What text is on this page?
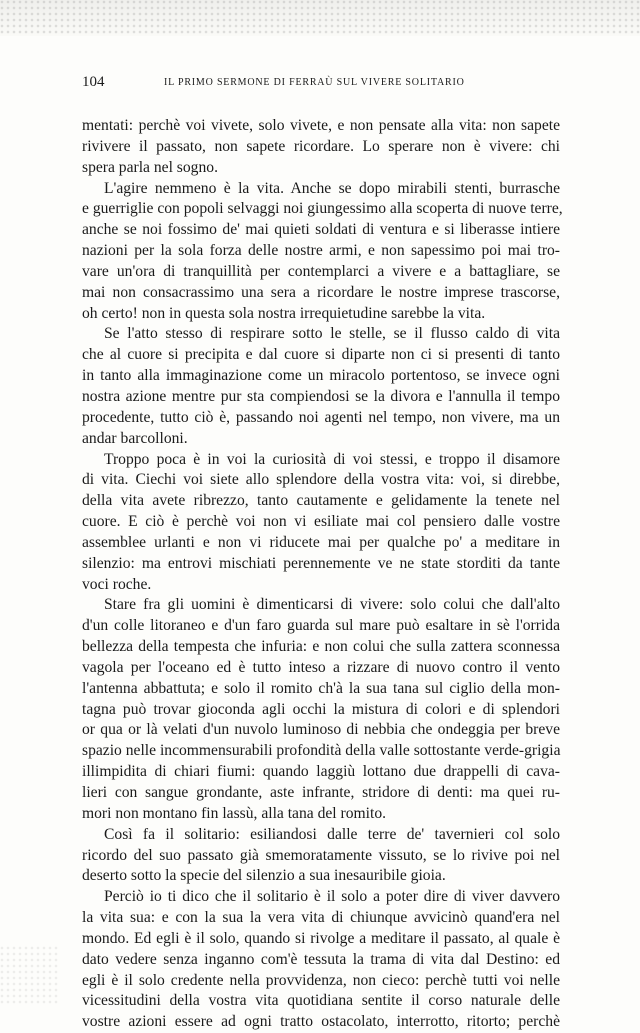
104	IL PRIMO SERMONE DI FERRAÙ SUL VIVERE SOLITARIO
mentati: perchè voi vivete, solo vivete, e non pensate alla vita: non sapete
rivivere il passato, non sapete ricordare. Lo sperare non è vivere: chi
spera parla nel sogno.
L'agire nemmeno è la vita. Anche se dopo mirabili stenti, burrasche
e guerriglie con popoli selvaggi noi giungessimo alla scoperta di nuove terre,
anche se noi fossimo de' mai quieti soldati di ventura e si liberasse intiere
nazioni per la sola forza delle nostre armi, e non sapessimo poi mai tro-
vare un'ora di tranquillità per contemplarci a vivere e a battagliare, se
mai non consacrassimo una sera a ricordare le nostre imprese trascorse,
oh certo! non in questa sola nostra irrequietudine sarebbe la vita.
Se l'atto stesso di respirare sotto le stelle, se il flusso caldo di vita
che al cuore si precipita e dal cuore si diparte non ci si presenti di tanto
in tanto alla immaginazione come un miracolo portentoso, se invece ogni
nostra azione mentre pur sta compiendosi se la divora e l'annulla il tempo
procedente, tutto ciò è, passando noi agenti nel tempo, non vivere, ma un
andar barcolloni.
Troppo poca è in voi la curiosità di voi stessi, e troppo il disamore
di vita. Ciechi voi siete allo splendore della vostra vita: voi, si direbbe,
della vita avete ribrezzo, tanto cautamente e gelidamente la tenete nel
cuore. E ciò è perchè voi non vi esiliate mai col pensiero dalle vostre
assemblee urlanti e non vi riducete mai per qualche po' a meditare in
silenzio: ma entrovi mischiati perennemente ve ne state storditi da tante
voci roche.
Stare fra gli uomini è dimenticarsi di vivere: solo colui che dall'alto
d'un colle litoraneo e d'un faro guarda sul mare può esaltare in sè l'orrida
bellezza della tempesta che infuria: e non colui che sulla zattera sconnessa
vagola per l'oceano ed è tutto inteso a rizzare di nuovo contro il vento
l'antenna abbattuta; e solo il romito ch'à la sua tana sul ciglio della mon-
tagna può trovar gioconda agli occhi la mistura di colori e di splendori
or qua or là velati d'un nuvolo luminoso di nebbia che ondeggia per breve
spazio nelle incommensurabili profondità della valle sottostante verde-grigia
illimpidita di chiari fiumi: quando laggiù lottano due drappelli di cava-
lieri con sangue grondante, aste infrante, stridore di denti: ma quei ru-
mori non montano fin lassù, alla tana del romito.
Così fa il solitario: esiliandosi dalle terre de' tavernieri col solo
ricordo del suo passato già smemoratamente vissuto, se lo rivive poi nel
deserto sotto la specie del silenzio a sua inesauribile gioia.
Perciò io ti dico che il solitario è il solo a poter dire di viver davvero
la vita sua: e con la sua la vera vita di chiunque avvicinò quand'era nel
mondo. Ed egli è il solo, quando si rivolge a meditare il passato, al quale è
dato vedere senza inganno com'è tessuta la trama di vita dal Destino: ed
egli è il solo credente nella provvidenza, non cieco: perchè tutti voi nelle
vicessitudini della vostra vita quotidiana sentite il corso naturale delle
vostre azioni essere ad ogni tratto ostacolato, interrotto, ritorto; perchè
